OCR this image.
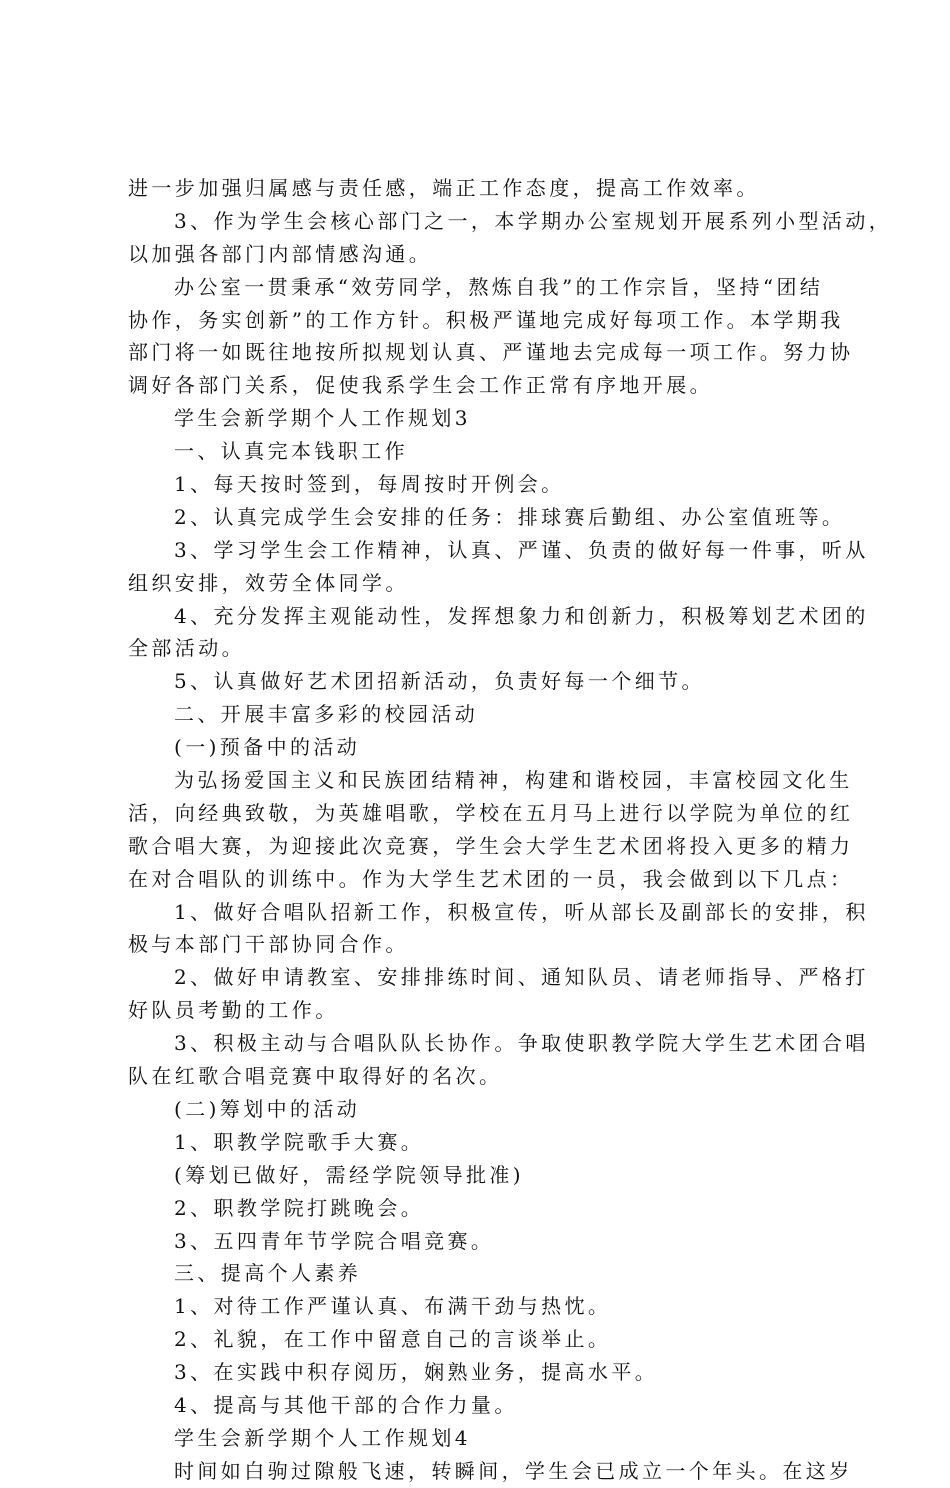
进一步加强归属感与责任感，端正工作态度，提高工作效率。
3、作为学生会核心部门之一，本学期办公室规划开展系列小型活动，
以加强各部门内部情感沟通。
办公室一贯秉承“效劳同学，熬炼自我”的工作宗旨，坚持“团结
协作，务实创新”的工作方针。积极严谨地完成好每项工作。本学期我
部门将一如既往地按所拟规划认真、严谨地去完成每一项工作。努力协
调好各部门关系，促使我系学生会工作正常有序地开展。
学生会新学期个人工作规划3
一、认真完本钱职工作
1、每天按时签到，每周按时开例会。
2、认真完成学生会安排的任务：排球赛后勤组、办公室值班等。
3、学习学生会工作精神，认真、严谨、负责的做好每一件事，听从
组织安排，效劳全体同学。
4、充分发挥主观能动性，发挥想象力和创新力，积极筹划艺术团的
全部活动。
5、认真做好艺术团招新活动，负责好每一个细节。
二、开展丰富多彩的校园活动
(一)预备中的活动
为弘扬爱国主义和民族团结精神，构建和谐校园，丰富校园文化生
活，向经典致敬，为英雄唱歌，学校在五月马上进行以学院为单位的红
歌合唱大赛，为迎接此次竞赛，学生会大学生艺术团将投入更多的精力
在对合唱队的训练中。作为大学生艺术团的一员，我会做到以下几点：
1、做好合唱队招新工作，积极宣传，听从部长及副部长的安排，积
极与本部门干部协同合作。
2、做好申请教室、安排排练时间、通知队员、请老师指导、严格打
好队员考勤的工作。
3、积极主动与合唱队队长协作。争取使职教学院大学生艺术团合唱
队在红歌合唱竞赛中取得好的名次。
(二)筹划中的活动
1、职教学院歌手大赛。
(筹划已做好，需经学院领导批准)
2、职教学院打跳晚会。
3、五四青年节学院合唱竞赛。
三、提高个人素养
1、对待工作严谨认真、布满干劲与热忱。
2、礼貌，在工作中留意自己的言谈举止。
3、在实践中积存阅历，娴熟业务，提高水平。
4、提高与其他干部的合作力量。
学生会新学期个人工作规划4
时间如白驹过隙般飞速，转瞬间，学生会已成立一个年头。在这岁
